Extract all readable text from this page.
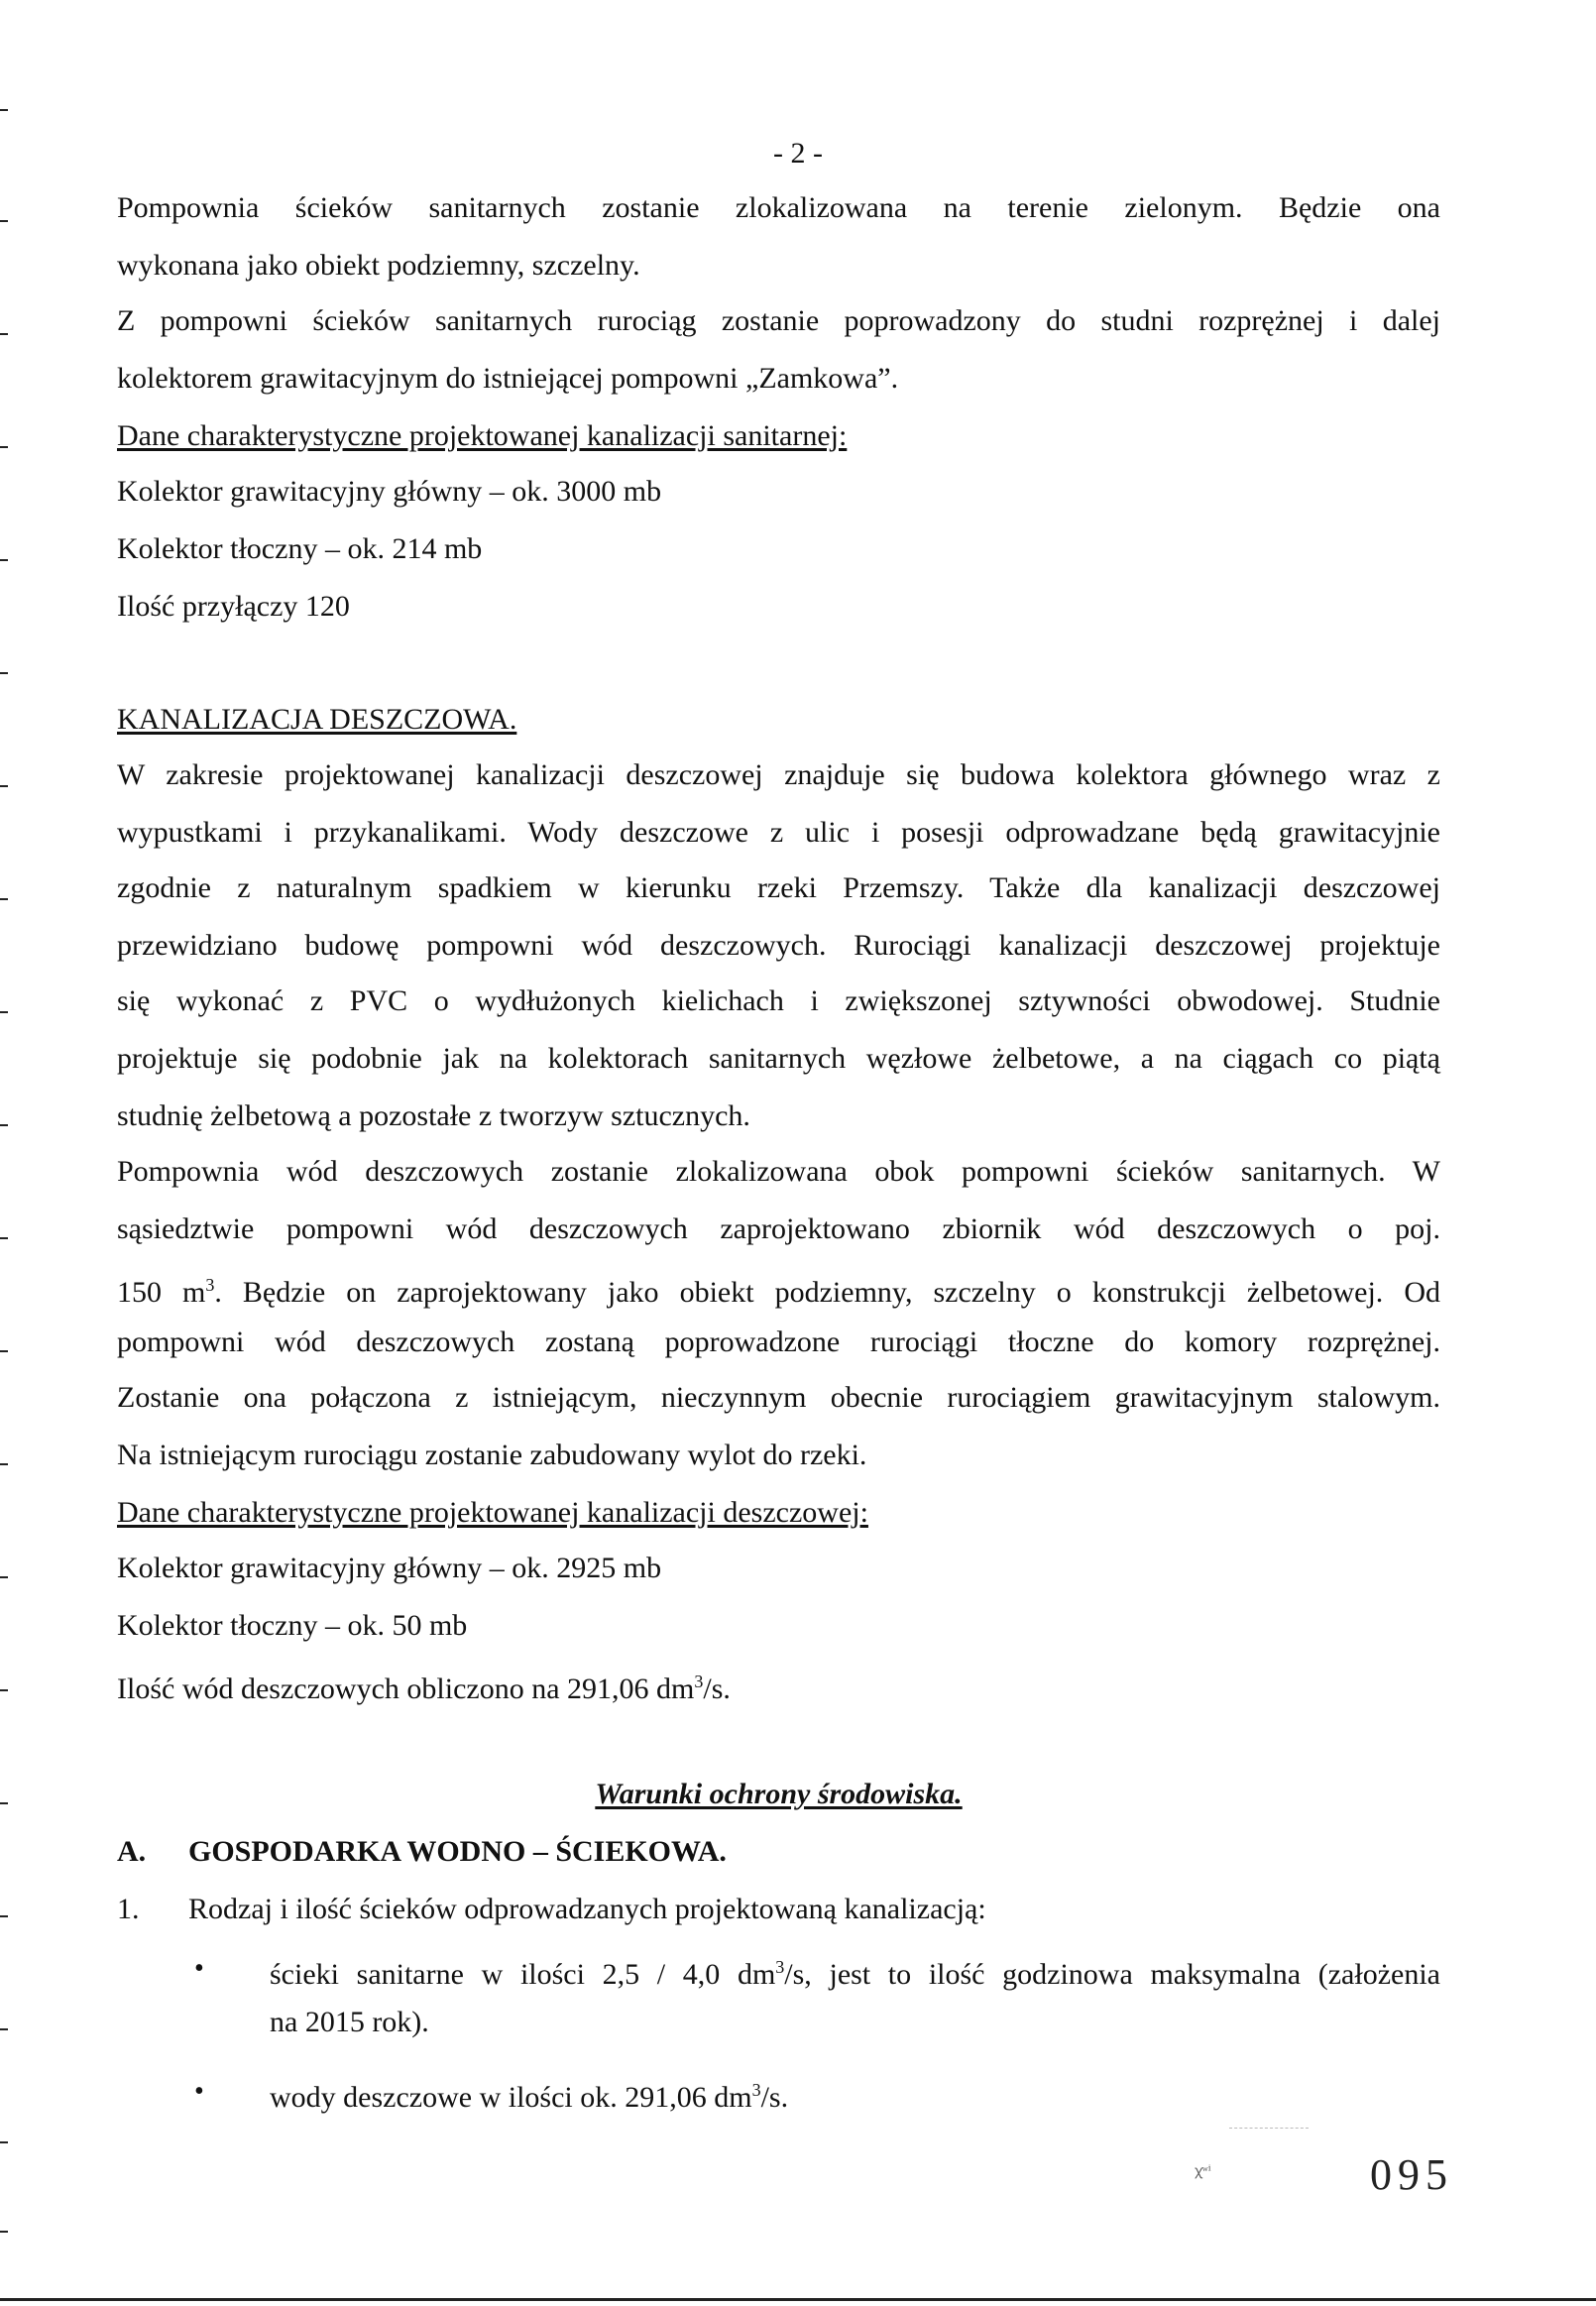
- 2 -
Pompownia ścieków sanitarnych zostanie zlokalizowana na terenie zielonym. Będzie ona
wykonana jako obiekt podziemny, szczelny.
Z pompowni ścieków sanitarnych rurociąg zostanie poprowadzony do studni rozprężnej i dalej
kolektorem grawitacyjnym do istniejącej pompowni „Zamkowa”.
Dane charakterystyczne projektowanej kanalizacji sanitarnej:
Kolektor grawitacyjny główny – ok. 3000 mb
Kolektor tłoczny – ok. 214 mb
Ilość przyłączy 120
KANALIZACJA DESZCZOWA.
W zakresie projektowanej kanalizacji deszczowej znajduje się budowa kolektora głównego wraz z
wypustkami i przykanalikami. Wody deszczowe z ulic i posesji odprowadzane będą grawitacyjnie
zgodnie z naturalnym spadkiem w kierunku rzeki Przemszy. Także dla kanalizacji deszczowej
przewidziano budowę pompowni wód deszczowych. Rurociągi kanalizacji deszczowej projektuje
się wykonać z PVC o wydłużonych kielichach i zwiększonej sztywności obwodowej. Studnie
projektuje się podobnie jak na kolektorach sanitarnych węzłowe żelbetowe, a na ciągach co piątą
studnię żelbetową a pozostałe z tworzyw sztucznych.
Pompownia wód deszczowych zostanie zlokalizowana obok pompowni ścieków sanitarnych. W
sąsiedztwie pompowni wód deszczowych zaprojektowano zbiornik wód deszczowych o poj.
150 $m^3$. Będzie on zaprojektowany jako obiekt podziemny, szczelny o konstrukcji żelbetowej. Od
pompowni wód deszczowych zostaną poprowadzone rurociągi tłoczne do komory rozprężnej.
Zostanie ona połączona z istniejącym, nieczynnym obecnie rurociągiem grawitacyjnym stalowym.
Na istniejącym rurociągu zostanie zabudowany wylot do rzeki.
Dane charakterystyczne projektowanej kanalizacji deszczowej:
Kolektor grawitacyjny główny – ok. 2925 mb
Kolektor tłoczny – ok. 50 mb
Ilość wód deszczowych obliczono na 291,06 $dm^3/s$.
Warunki ochrony środowiska.
A. GOSPODARKA WODNO – ŚCIEKOWA.
1. Rodzaj i ilość ścieków odprowadzanych projektowaną kanalizacją:
• ścieki sanitarne w ilości 2,5 / 4,0 $dm^3/s$, jest to ilość godzinowa maksymalna (założenia
na 2015 rok).
• wody deszczowe w ilości ok. 291,06 $dm^3/s$.
ꭓʷⁱ	095
